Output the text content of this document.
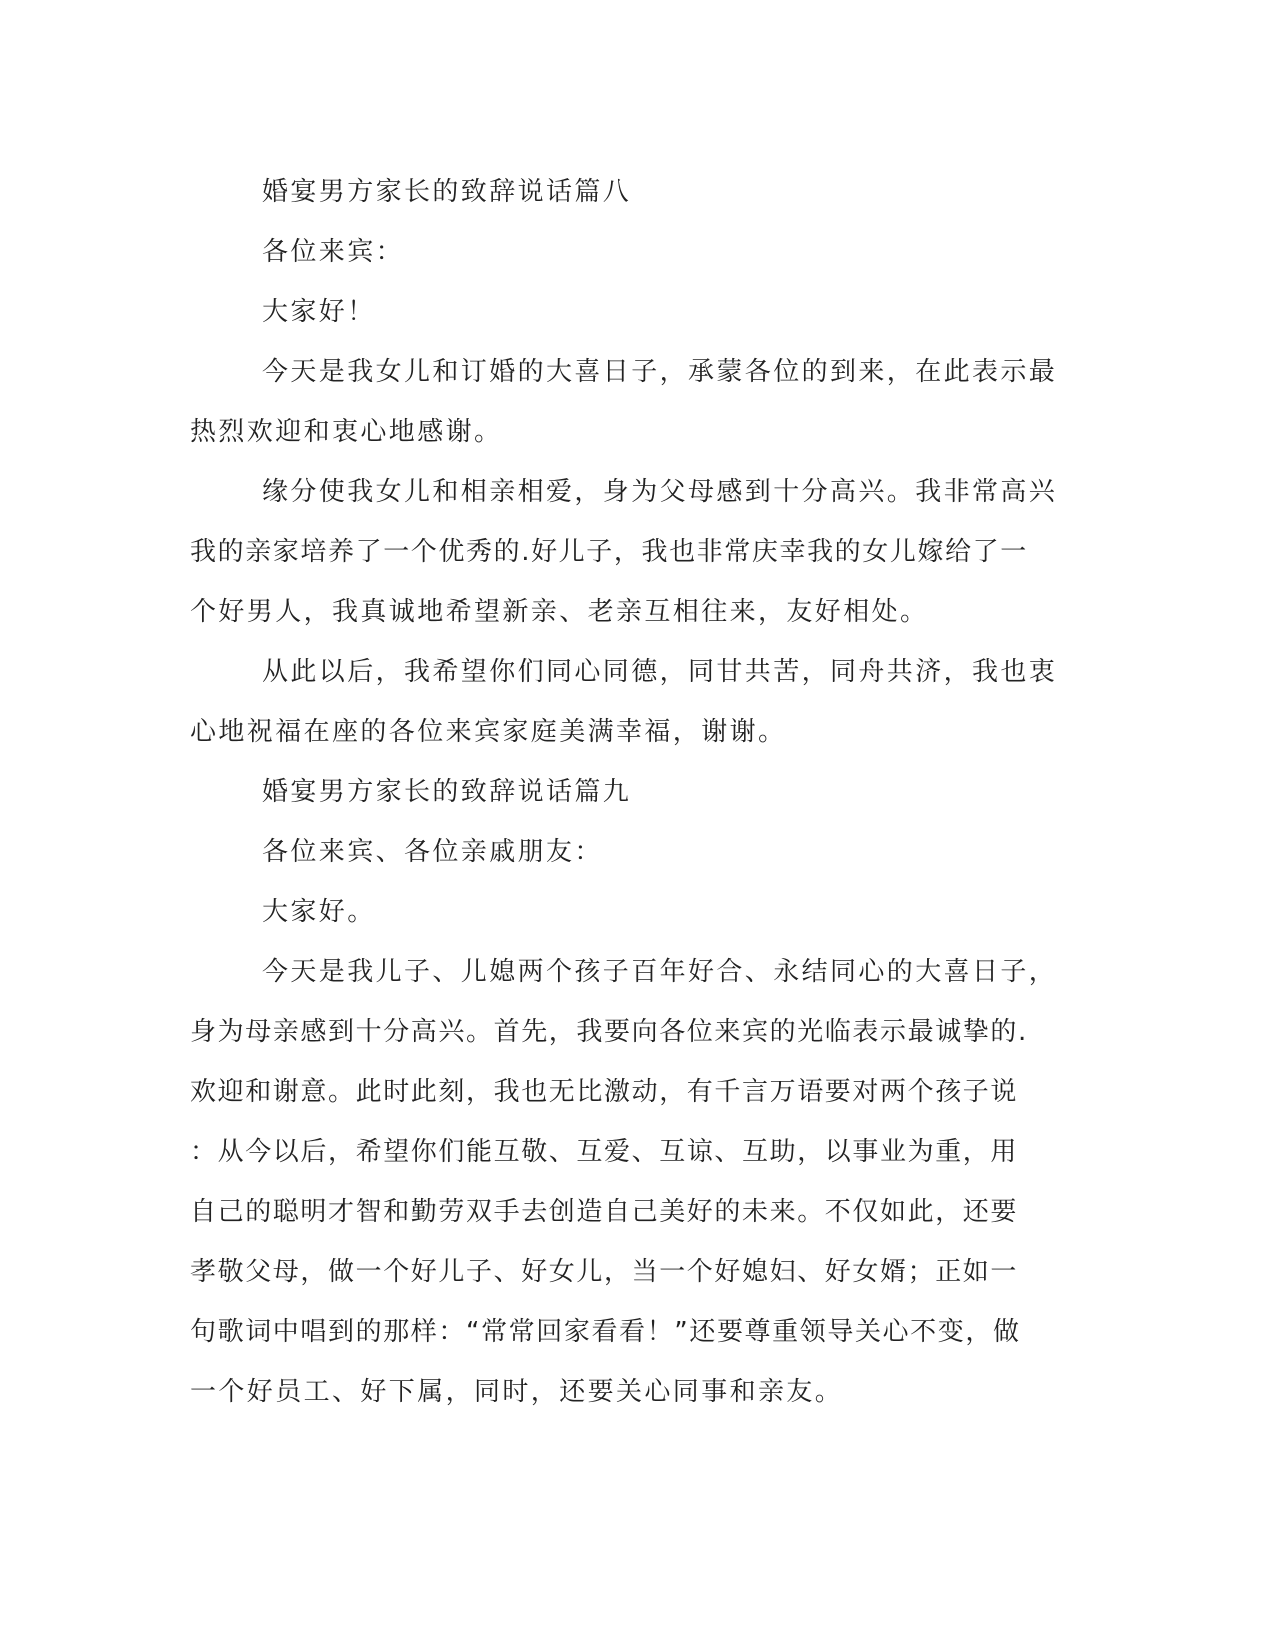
婚宴男方家长的致辞说话篇八
各位来宾：
大家好！
今天是我女儿和订婚的大喜日子，承蒙各位的到来，在此表示最
热烈欢迎和衷心地感谢。
缘分使我女儿和相亲相爱，身为父母感到十分高兴。我非常高兴
我的亲家培养了一个优秀的.好儿子，我也非常庆幸我的女儿嫁给了一
个好男人，我真诚地希望新亲、老亲互相往来，友好相处。
从此以后，我希望你们同心同德，同甘共苦，同舟共济，我也衷
心地祝福在座的各位来宾家庭美满幸福，谢谢。
婚宴男方家长的致辞说话篇九
各位来宾、各位亲戚朋友：
大家好。
今天是我儿子、儿媳两个孩子百年好合、永结同心的大喜日子，
身为母亲感到十分高兴。首先，我要向各位来宾的光临表示最诚挚的.
欢迎和谢意。此时此刻，我也无比激动，有千言万语要对两个孩子说
：从今以后，希望你们能互敬、互爱、互谅、互助，以事业为重，用
自己的聪明才智和勤劳双手去创造自己美好的未来。不仅如此，还要
孝敬父母，做一个好儿子、好女儿，当一个好媳妇、好女婿；正如一
句歌词中唱到的那样：“常常回家看看！”还要尊重领导关心不变，做
一个好员工、好下属，同时，还要关心同事和亲友。
